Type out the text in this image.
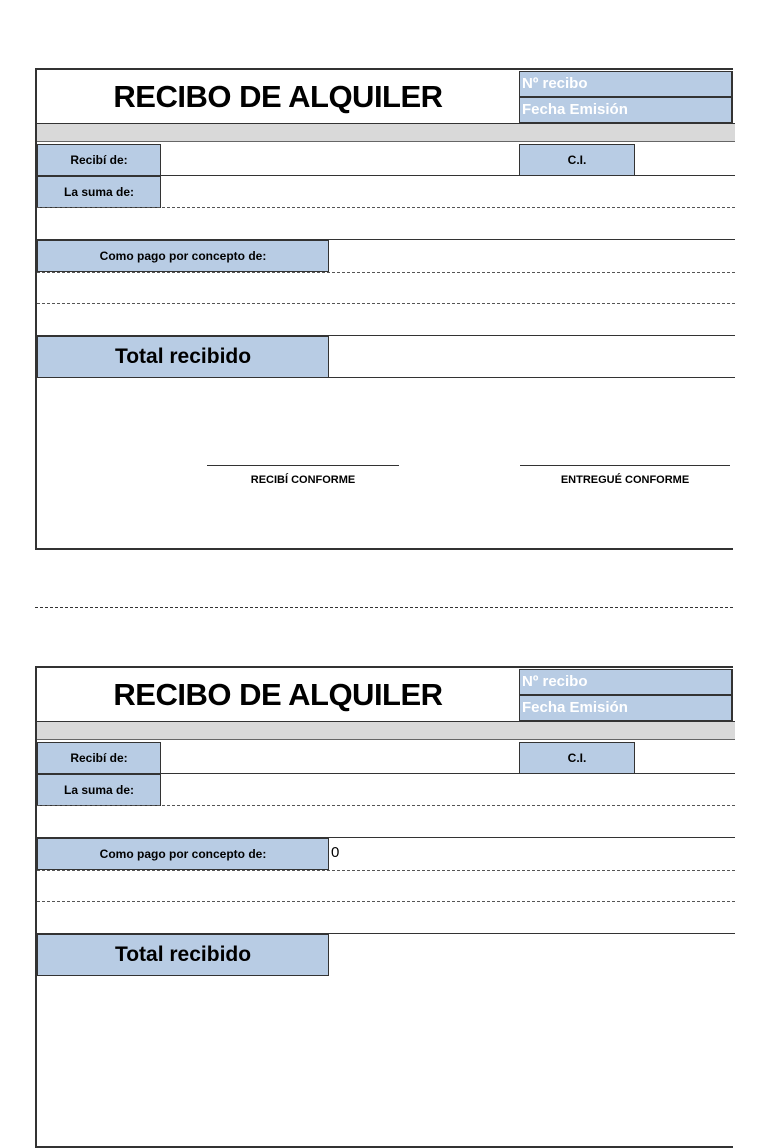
RECIBO DE ALQUILER	Nº recibo
Fecha Emisión
Recibí de:	C.I.
La suma de:
Como pago por concepto de:
Total recibido
RECIBÍ CONFORME	ENTREGUÉ CONFORME
RECIBO DE ALQUILER	Nº recibo
Fecha Emisión
Recibí de:	C.I.
La suma de:
Como pago por concepto de:	0
Total recibido
